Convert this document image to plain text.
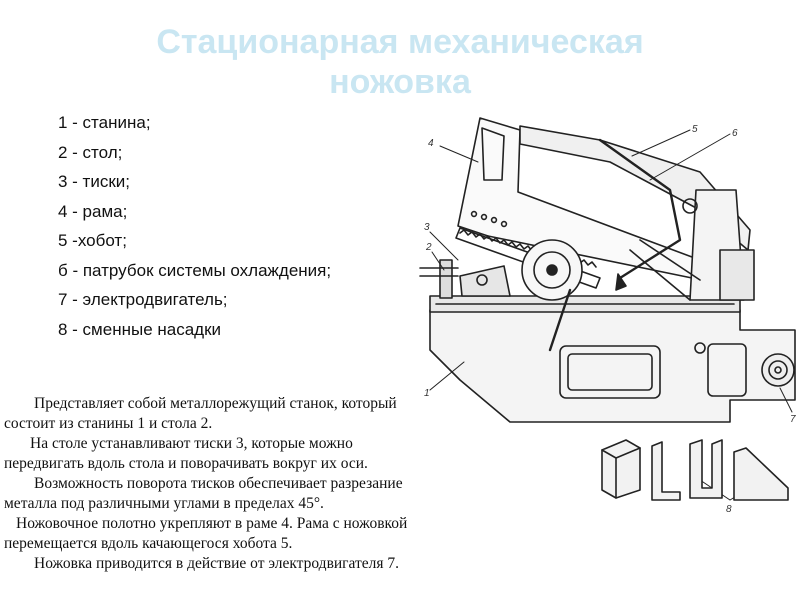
Стационарная механическая
ножовка
1 - станина;
2 - стол;
3 - тиски;
4 - рама;
5 -хобот;
б - патрубок системы охлаждения;
7 - электродвигатель;
8 - сменные насадки
1
2
3
4
5	6
7
8

Представляет собой металлорежущий станок, который

состоит из станины 1 и стола 2.

На столе устанавливают тиски 3, которые можно

передвигать вдоль стола и поворачивать вокруг их оси.

Возможность поворота тисков обеспечивает разрезание

металла под различными углами в пределах 45°.

Ножовочное полотно укрепляют в раме 4. Рама с ножовкой

перемещается вдоль качающегося хобота 5.

Ножовка приводится в действие от электродвигателя 7.
